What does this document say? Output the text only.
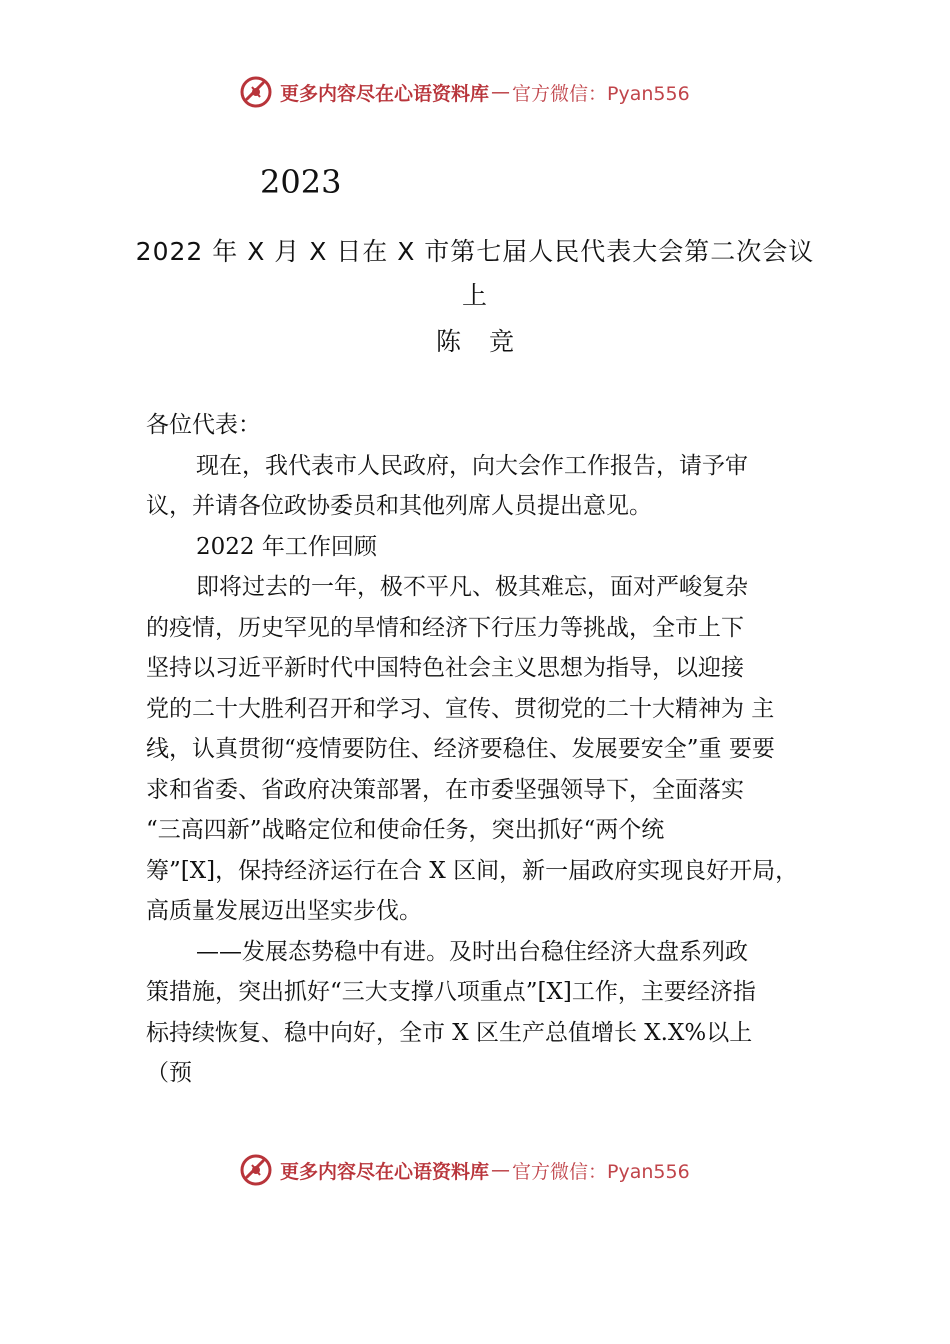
更多内容尽在心语资料库 — 官方微信：Pyan556
2023
2022 年 X 月 X 日在 X 市第七届人民代表大会第二次会议
上
陈 竞
各位代表：
现在，我代表市人民政府，向大会作工作报告，请予审
议，并请各位政协委员和其他列席人员提出意见。
2022 年工作回顾
即将过去的一年，极不平凡、极其难忘，面对严峻复杂
的疫情，历史罕见的旱情和经济下行压力等挑战，全市上下
坚持以习近平新时代中国特色社会主义思想为指导，以迎接
党的二十大胜利召开和学习、宣传、贯彻党的二十大精神为 主
线，认真贯彻“疫情要防住、经济要稳住、发展要安全”重 要要
求和省委、省政府决策部署，在市委坚强领导下，全面落实
“三高四新”战略定位和使命任务，突出抓好“两个统
筹”[X]，保持经济运行在合 X 区间，新一届政府实现良好开局，
高质量发展迈出坚实步伐。
——发展态势稳中有进。及时出台稳住经济大盘系列政
策措施，突出抓好“三大支撑八项重点”[X]工作，主要经济指
标持续恢复、稳中向好，全市 X 区生产总值增长 X.X%以上
（预
更多内容尽在心语资料库 — 官方微信：Pyan556
